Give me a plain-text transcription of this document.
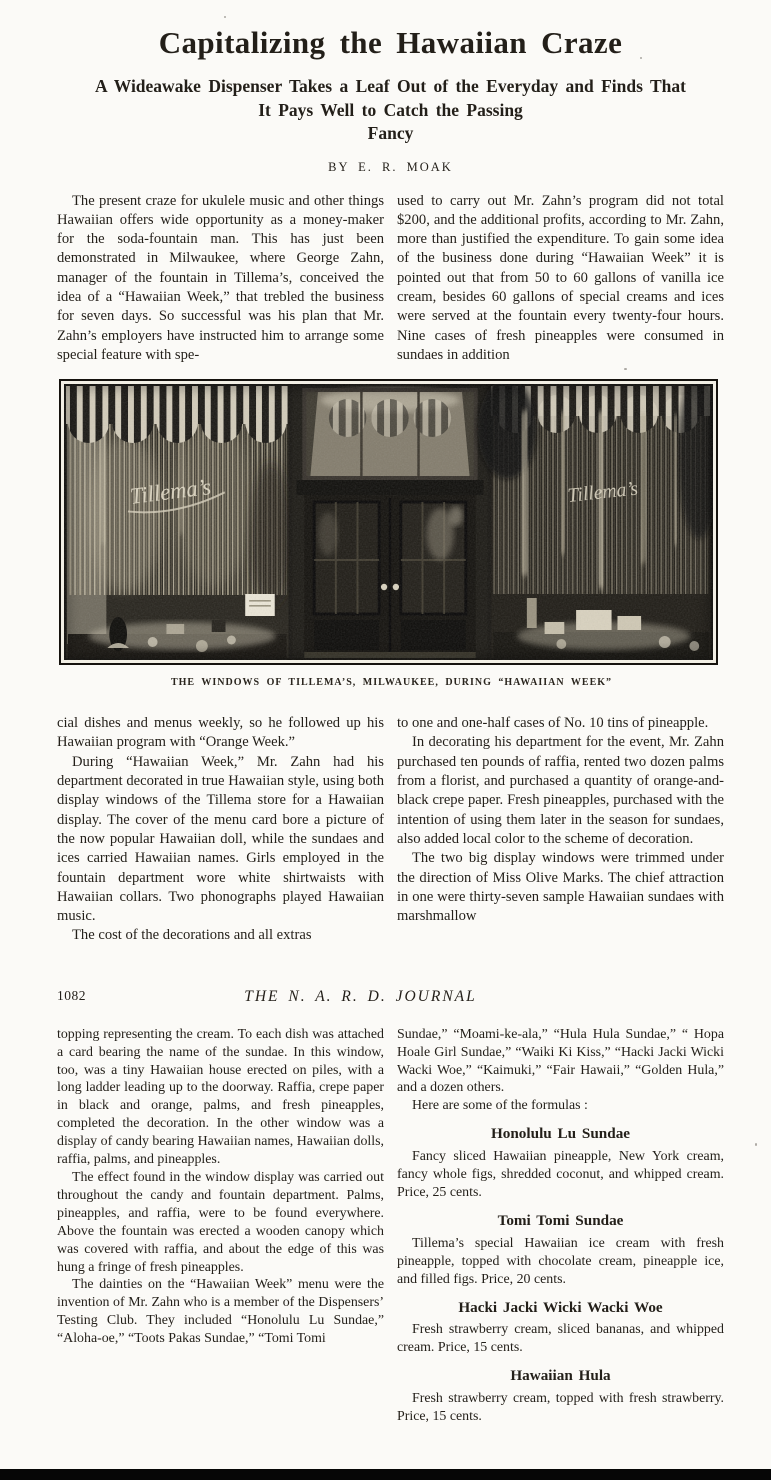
Capitalizing the Hawaiian Craze
A Wideawake Dispenser Takes a Leaf Out of the Everyday and Finds That
It Pays Well to Catch the Passing
Fancy
BY E. R. MOAK

The present craze for ukulele music and other things Hawaiian offers wide opportunity as a money-maker for the soda-fountain man. This has just been demonstrated in Milwaukee, where George Zahn, manager of the fountain in Tillema’s, conceived the idea of a “Hawaiian Week,” that trebled the business for seven days. So successful was his plan that Mr. Zahn’s employers have instructed him to arrange some special feature with spe-

used to carry out Mr. Zahn’s program did not total $200, and the additional profits, according to Mr. Zahn, more than justified the expenditure. To gain some idea of the business done during “Hawaiian Week” it is pointed out that from 50 to 60 gallons of vanilla ice cream, besides 60 gallons of special creams and ices were served at the fountain every twenty-four hours. Nine cases of fresh pineapples were consumed in sundaes in addition

Tillema’s	Tillema’s
THE WINDOWS OF TILLEMA’S, MILWAUKEE, DURING “HAWAIIAN WEEK”

cial dishes and menus weekly, so he followed up his Hawaiian program with “Orange Week.”

During “Hawaiian Week,” Mr. Zahn had his department decorated in true Hawaiian style, using both display windows of the Tillema store for a Hawaiian display. The cover of the menu card bore a picture of the now popular Hawaiian doll, while the sundaes and ices carried Hawaiian names. Girls employed in the fountain department wore white shirtwaists with Hawaiian collars. Two phonographs played Hawaiian music.

The cost of the decorations and all extras

to one and one-half cases of No. 10 tins of pineapple.

In decorating his department for the event, Mr. Zahn purchased ten pounds of raffia, rented two dozen palms from a florist, and purchased a quantity of orange-and-black crepe paper. Fresh pineapples, purchased with the intention of using them later in the season for sundaes, also added local color to the scheme of decoration.

The two big display windows were trimmed under the direction of Miss Olive Marks. The chief attraction in one were thirty-seven sample Hawaiian sundaes with marshmallow

1082	THE N. A. R. D. JOURNAL

topping representing the cream. To each dish was attached a card bearing the name of the sundae. In this window, too, was a tiny Hawaiian house erected on piles, with a long ladder leading up to the doorway. Raffia, crepe paper in black and orange, palms, and fresh pineapples, completed the decoration. In the other window was a display of candy bearing Hawaiian names, Hawaiian dolls, raffia, palms, and pineapples.

The effect found in the window display was carried out throughout the candy and fountain department. Palms, pineapples, and raffia, were to be found everywhere. Above the fountain was erected a wooden canopy which was covered with raffia, and about the edge of this was hung a fringe of fresh pineapples.

The dainties on the “Hawaiian Week” menu were the invention of Mr. Zahn who is a member of the Dispensers’ Testing Club. They included “Honolulu Lu Sundae,” “Aloha-oe,” “Toots Pakas Sundae,” “Tomi Tomi

Sundae,” “Moami-ke-ala,” “Hula Hula Sundae,” “ Hopa Hoale Girl Sundae,” “Waiki Ki Kiss,” “Hacki Jacki Wicki Wacki Woe,” “Kaimuki,” “Fair Hawaii,” “Golden Hula,” and a dozen others.

Here are some of the formulas :

Honolulu Lu Sundae

Fancy sliced Hawaiian pineapple, New York cream, fancy whole figs, shredded coconut, and whipped cream. Price, 25 cents.

Tomi Tomi Sundae

Tillema’s special Hawaiian ice cream with fresh pineapple, topped with chocolate cream, pineapple ice, and filled figs. Price, 20 cents.

Hacki Jacki Wicki Wacki Woe

Fresh strawberry cream, sliced bananas, and whipped cream. Price, 15 cents.

Hawaiian Hula

Fresh strawberry cream, topped with fresh strawberry. Price, 15 cents.
